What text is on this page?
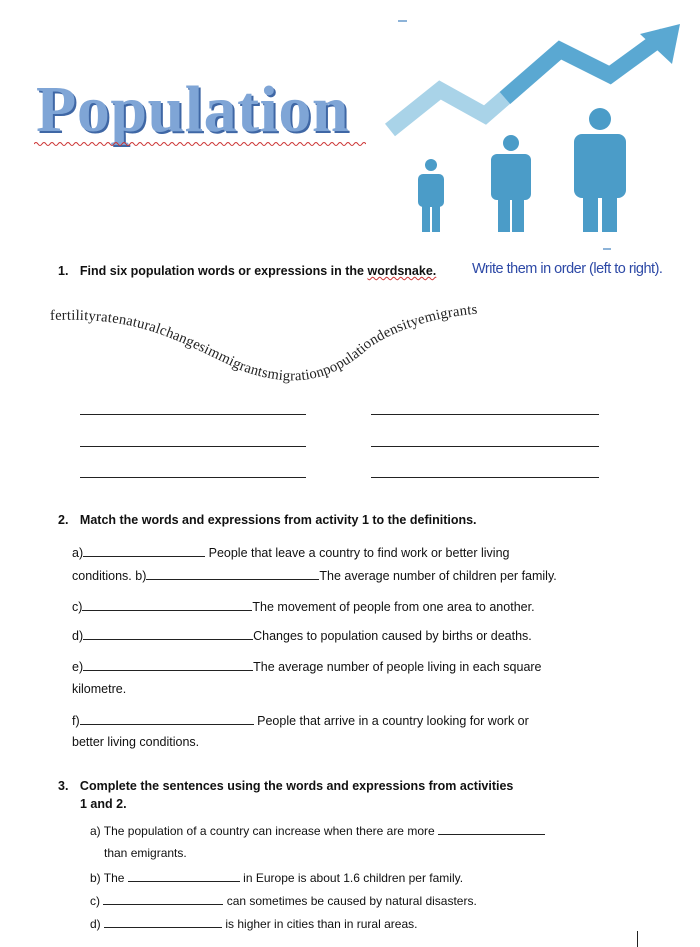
Population
1. Find six population words or expressions in the wordsnake. Write them in order (left to right).
fertilityratenaturalchangesimmigrantsmigrationpopulationdensityemigrants
2. Match the words and expressions from activity 1 to the definitions.
a)	People that leave a country to find work or better living
conditions. b)	The average number of children per family.
c)	The movement of people from one area to another.
d)	Changes to population caused by births or deaths.
e)	The average number of people living in each square
kilometre.
f)	People that arrive in a country looking for work or
better living conditions.
3. Complete the sentences using the words and expressions from activities
1 and 2.
a) The population of a country can increase when there are more
than emigrants.
b) The	in Europe is about 1.6 children per family.
c)	can sometimes be caused by natural disasters.
d)	is higher in cities than in rural areas.
